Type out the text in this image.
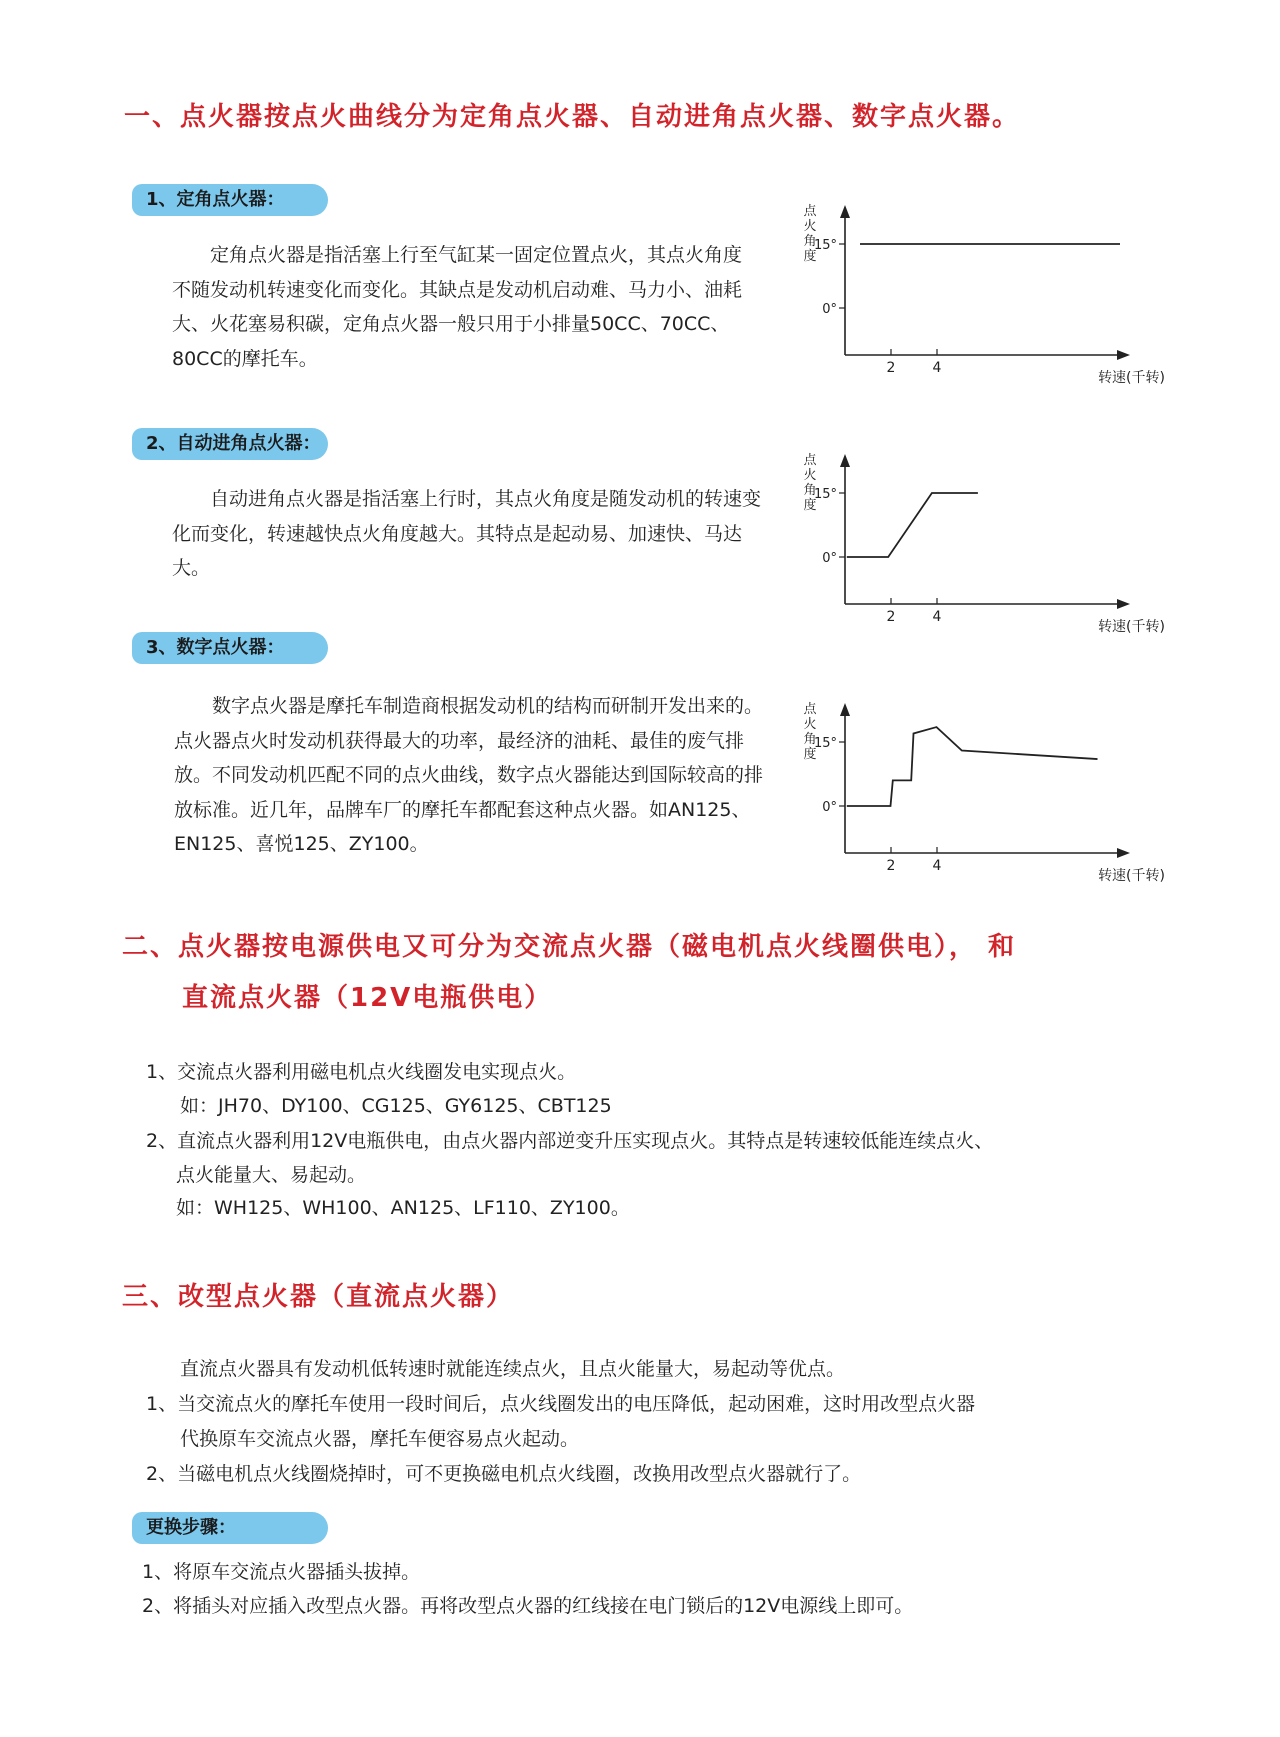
一、点火器按点火曲线分为定角点火器、自动进角点火器、数字点火器。
1、定角点火器：

定角点火器是指活塞上行至气缸某一固定位置点火，其点火角度不随发动机转速变化而变化。其缺点是发动机启动难、马力小、油耗大、火花塞易积碳，定角点火器一般只用于小排量50CC、70CC、80CC的摩托车。

2、自动进角点火器：

自动进角点火器是指活塞上行时，其点火角度是随发动机的转速变化而变化，转速越快点火角度越大。其特点是起动易、加速快、马达大。

3、数字点火器：

数字点火器是摩托车制造商根据发动机的结构而研制开发出来的。点火器点火时发动机获得最大的功率，最经济的油耗、最佳的废气排放。不同发动机匹配不同的点火曲线，数字点火器能达到国际较高的排放标准。近几年，品牌车厂的摩托车都配套这种点火器。如AN125、EN125、喜悦125、ZY100。

点
火
角
度
15°
0°
2	4
转速(千转)
点
火
角
度
15°
0°
2	4
转速(千转)
点
火
角
度
15°
0°
2	4
转速(千转)
二、点火器按电源供电又可分为交流点火器（磁电机点火线圈供电）， 和
直流点火器（12V电瓶供电）
1、交流点火器利用磁电机点火线圈发电实现点火。
如：JH70、DY100、CG125、GY6125、CBT125
2、直流点火器利用12V电瓶供电，由点火器内部逆变升压实现点火。其特点是转速较低能连续点火、
点火能量大、易起动。
如：WH125、WH100、AN125、LF110、ZY100。
三、改型点火器（直流点火器）
直流点火器具有发动机低转速时就能连续点火，且点火能量大，易起动等优点。
1、当交流点火的摩托车使用一段时间后，点火线圈发出的电压降低，起动困难，这时用改型点火器
代换原车交流点火器，摩托车便容易点火起动。
2、当磁电机点火线圈烧掉时，可不更换磁电机点火线圈，改换用改型点火器就行了。
更换步骤：
1、将原车交流点火器插头拔掉。
2、将插头对应插入改型点火器。再将改型点火器的红线接在电门锁后的12V电源线上即可。
